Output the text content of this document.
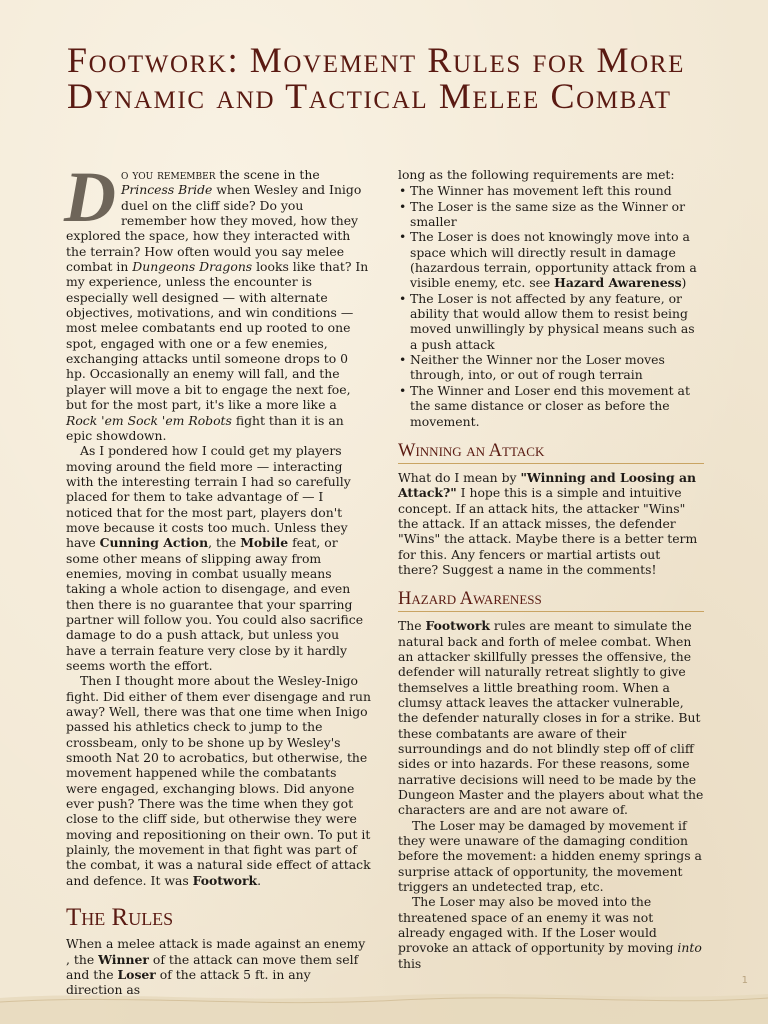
Footwork: Movement Rules for More Dynamic and Tactical Melee Combat
D o you remember the scene in the Princess Bride when Wesley and Inigo duel on the cliff side? Do you remember how they moved, how they explored the space, how they interacted with the terrain? How often would you say melee combat in Dungeons Dragons looks like that? In my experience, unless the encounter is especially well designed — with alternate objectives, motivations, and win conditions — most melee combatants end up rooted to one spot, engaged with one or a few enemies, exchanging attacks until someone drops to 0 hp. Occasionally an enemy will fall, and the player will move a bit to engage the next foe, but for the most part, it's like a more like a Rock 'em Sock 'em Robots fight than it is an epic showdown.

As I pondered how I could get my players moving around the field more — interacting with the interesting terrain I had so carefully placed for them to take advantage of — I noticed that for the most part, players don't move because it costs too much. Unless they have Cunning Action, the Mobile feat, or some other means of slipping away from enemies, moving in combat usually means taking a whole action to disengage, and even then there is no guarantee that your sparring partner will follow you. You could also sacrifice damage to do a push attack, but unless you have a terrain feature very close by it hardly seems worth the effort.

Then I thought more about the Wesley-Inigo fight. Did either of them ever disengage and run away? Well, there was that one time when Inigo passed his athletics check to jump to the crossbeam, only to be shone up by Wesley's smooth Nat 20 to acrobatics, but otherwise, the movement happened while the combatants were engaged, exchanging blows. Did anyone ever push? There was the time when they got close to the cliff side, but otherwise they were moving and repositioning on their own. To put it plainly, the movement in that fight was part of the combat, it was a natural side effect of attack and defence. It was Footwork.

The Rules

When a melee attack is made against an enemy , the Winner of the attack can move them self and the Loser of the attack 5 ft. in any direction as

long as the following requirements are met:

• The Winner has movement left this round
• The Loser is the same size as the Winner or smaller
• The Loser is does not knowingly move into a space which will directly result in damage (hazardous terrain, opportunity attack from a visible enemy, etc. see Hazard Awareness)
• The Loser is not affected by any feature, or ability that would allow them to resist being moved unwillingly by physical means such as a push attack
• Neither the Winner nor the Loser moves through, into, or out of rough terrain
• The Winner and Loser end this movement at the same distance or closer as before the movement.
Winning an Attack

What do I mean by "Winning and Loosing an Attack?" I hope this is a simple and intuitive concept. If an attack hits, the attacker "Wins" the attack. If an attack misses, the defender "Wins" the attack. Maybe there is a better term for this. Any fencers or martial artists out there? Suggest a name in the comments!

Hazard Awareness

The Footwork rules are meant to simulate the natural back and forth of melee combat. When an attacker skillfully presses the offensive, the defender will naturally retreat slightly to give themselves a little breathing room. When a clumsy attack leaves the attacker vulnerable, the defender naturally closes in for a strike. But these combatants are aware of their surroundings and do not blindly step off of cliff sides or into hazards. For these reasons, some narrative decisions will need to be made by the Dungeon Master and the players about what the characters are and are not aware of.

The Loser may be damaged by movement if they were unaware of the damaging condition before the movement: a hidden enemy springs a surprise attack of opportunity, the movement triggers an undetected trap, etc.

The Loser may also be moved into the threatened space of an enemy it was not already engaged with. If the Loser would provoke an attack of opportunity by moving into this

1
